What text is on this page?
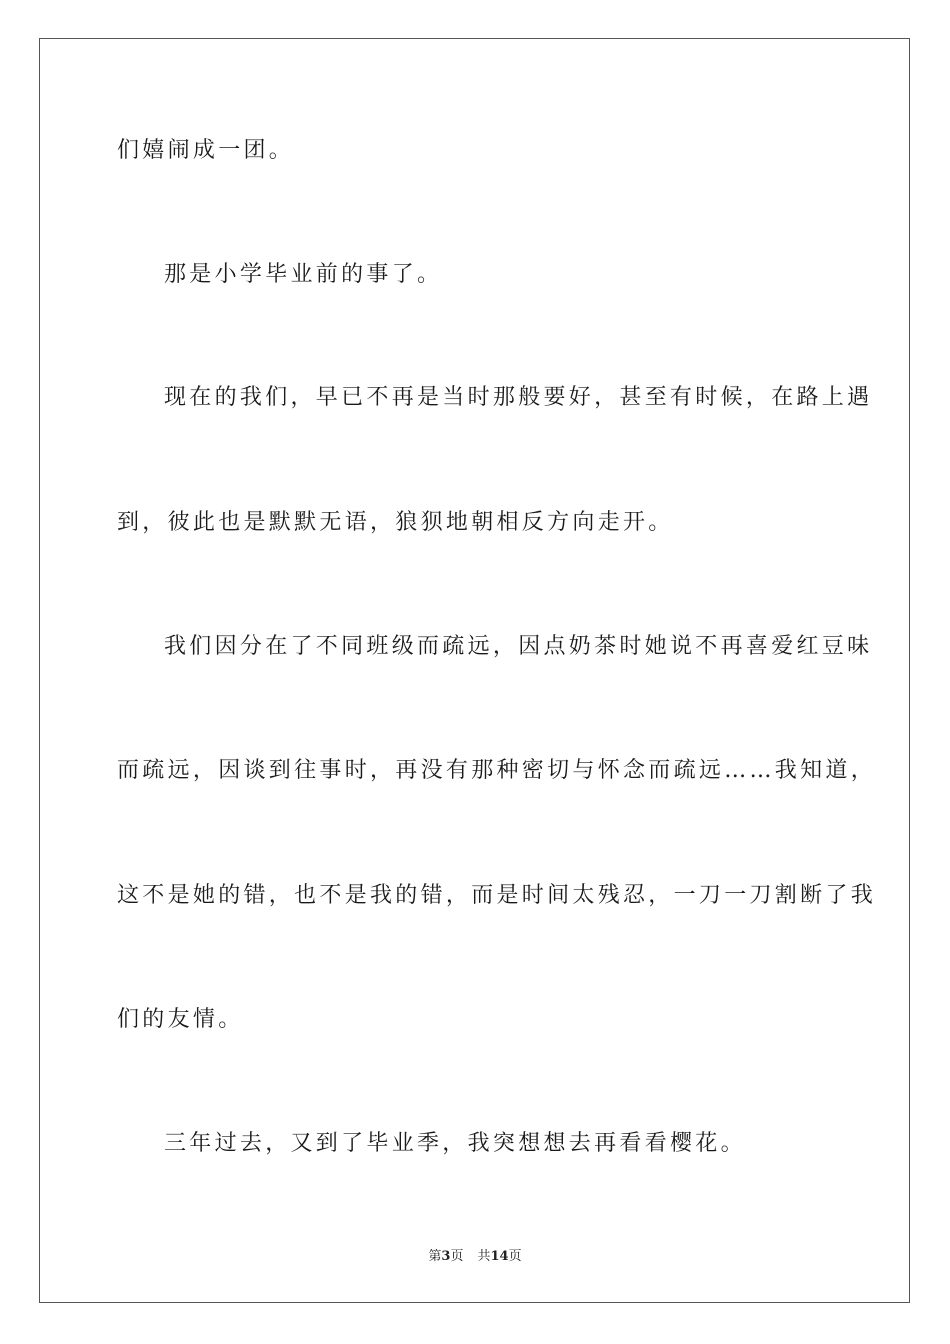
们嬉闹成一团。

那是小学毕业前的事了。

现在的我们，早已不再是当时那般要好，甚至有时候，在路上遇

到，彼此也是默默无语，狼狈地朝相反方向走开。

我们因分在了不同班级而疏远，因点奶茶时她说不再喜爱红豆味

而疏远，因谈到往事时，再没有那种密切与怀念而疏远……我知道，

这不是她的错，也不是我的错，而是时间太残忍，一刀一刀割断了我

们的友情。

三年过去，又到了毕业季，我突想想去再看看樱花。

第3页 共14页
